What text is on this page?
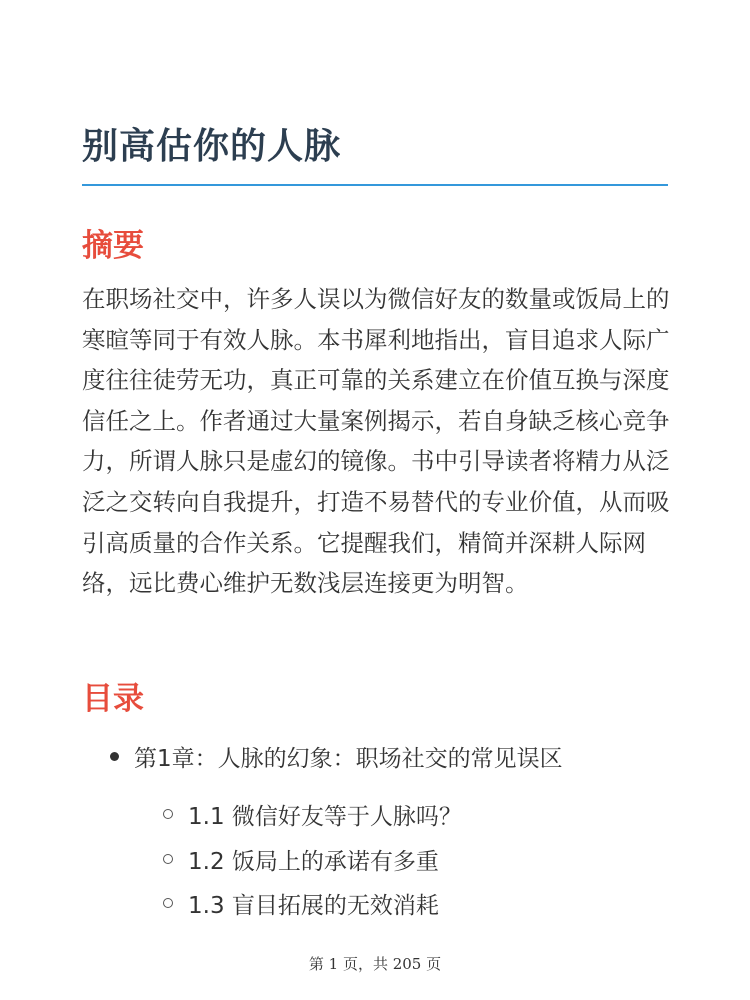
别高估你的人脉
摘要

在职场社交中，许多人误以为微信好友的数量或饭局上的寒暄等同于有效人脉。本书犀利地指出，盲目追求人际广度往往徒劳无功，真正可靠的关系建立在价值互换与深度信任之上。作者通过大量案例揭示，若自身缺乏核心竞争力，所谓人脉只是虚幻的镜像。书中引导读者将精力从泛泛之交转向自我提升，打造不易替代的专业价值，从而吸引高质量的合作关系。它提醒我们，精简并深耕人际网络，远比费心维护无数浅层连接更为明智。

目录
第1章：人脉的幻象：职场社交的常见误区
1.1 微信好友等于人脉吗？
1.2 饭局上的承诺有多重
1.3 盲目拓展的无效消耗
第 1 页，共 205 页
